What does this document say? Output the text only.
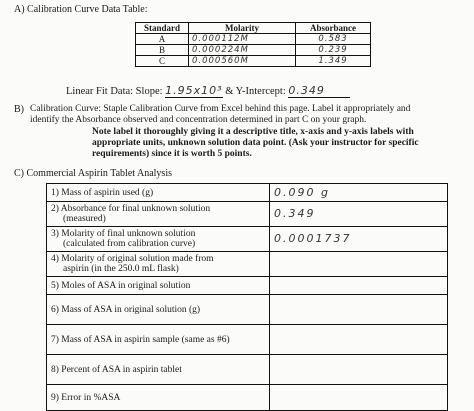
A) Calibration Curve Data Table:
Standard	Molarity	Absorbance
A	0.000112M	0.583
B	0.000224M	0.239
C	0.000560M	1.349
Linear Fit Data: Slope: 1.95x10³ & Y-Intercept: 0.349
B) Calibration Curve: Staple Calibration Curve from Excel behind this page. Label it appropriately and
identify the Absorbance observed and concentration determined in part C on your graph.
Note label it thoroughly giving it a descriptive title, x-axis and y-axis labels with
appropriate units, unknown solution data point. (Ask your instructor for specific
requirements) since it is worth 5 points.
C) Commercial Aspirin Tablet Analysis
1) Mass of aspirin used (g)	0.090 g
2) Absorbance for final unknown solution
(measured)	0.349
3) Molarity of final unknown solution
(calculated from calibration curve)	0.0001737
4) Molarity of original solution made from
aspirin (in the 250.0 mL flask)	
5) Moles of ASA in original solution	
6) Mass of ASA in original solution (g)	
7) Mass of ASA in aspirin sample (same as #6)	
8) Percent of ASA in aspirin tablet	
9) Error in %ASA	
